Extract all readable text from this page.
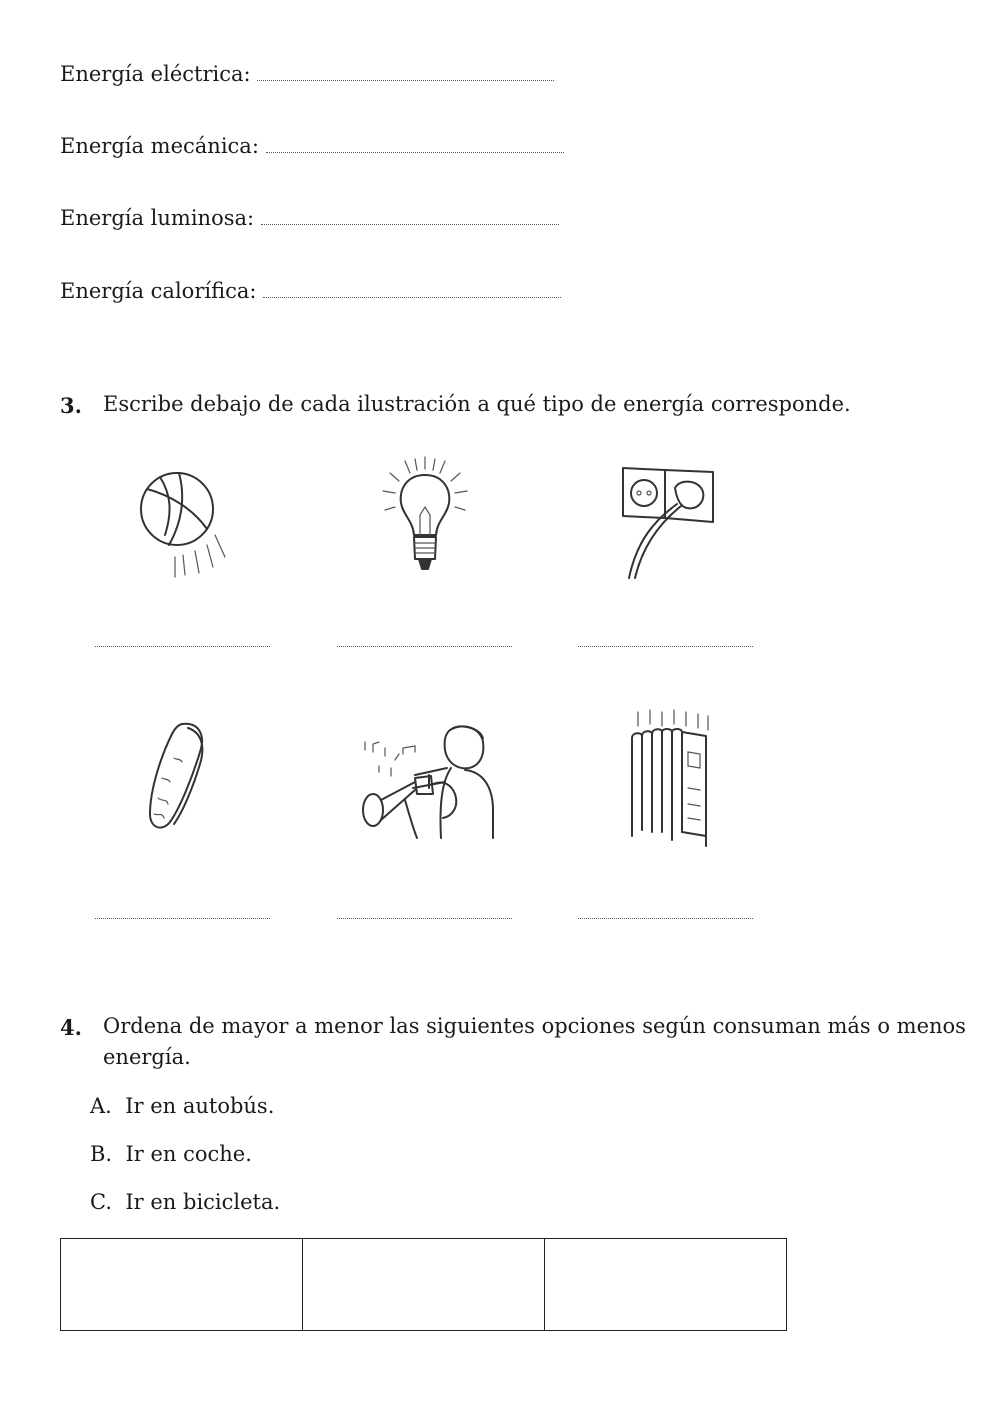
Energía eléctrica:
Energía mecánica:
Energía luminosa:
Energía calorífica:
3. Escribe debajo de cada ilustración a qué tipo de energía corresponde.
4. Ordena de mayor a menor las siguientes opciones según consuman más o menos
energía.
A. Ir en autobús.
B. Ir en coche.
C. Ir en bicicleta.
